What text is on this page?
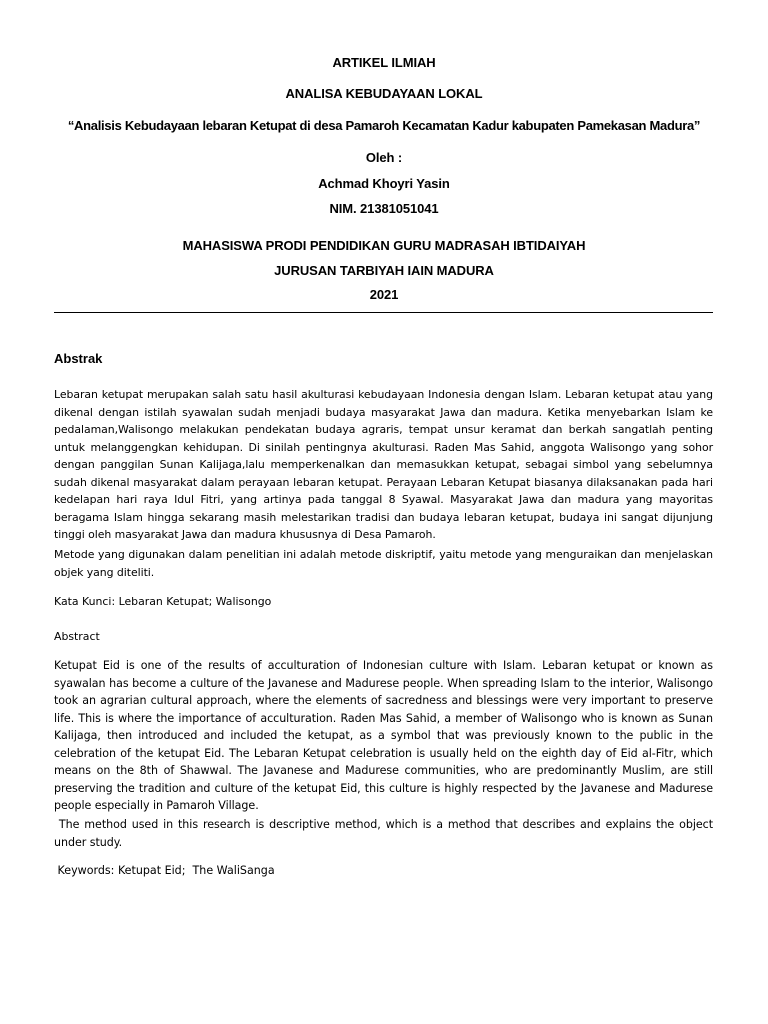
ARTIKEL ILMIAH
ANALISA KEBUDAYAAN LOKAL
“Analisis Kebudayaan lebaran Ketupat di desa Pamaroh Kecamatan Kadur kabupaten Pamekasan Madura”
Oleh :
Achmad Khoyri Yasin
NIM. 21381051041
MAHASISWA PRODI PENDIDIKAN GURU MADRASAH IBTIDAIYAH
JURUSAN TARBIYAH IAIN MADURA
2021
Abstrak

Lebaran ketupat merupakan salah satu hasil akulturasi kebudayaan Indonesia dengan Islam. Lebaran ketupat atau yang dikenal dengan istilah syawalan sudah menjadi budaya masyarakat Jawa dan madura. Ketika menyebarkan Islam ke pedalaman,Walisongo melakukan pendekatan budaya agraris, tempat unsur keramat dan berkah sangatlah penting untuk melanggengkan kehidupan. Di sinilah pentingnya akulturasi. Raden Mas Sahid, anggota Walisongo yang sohor dengan panggilan Sunan Kalijaga,lalu memperkenalkan dan memasukkan ketupat, sebagai simbol yang sebelumnya sudah dikenal masyarakat dalam perayaan lebaran ketupat. Perayaan Lebaran Ketupat biasanya dilaksanakan pada hari kedelapan hari raya Idul Fitri, yang artinya pada tanggal 8 Syawal. Masyarakat Jawa dan madura yang mayoritas beragama Islam hingga sekarang masih melestarikan tradisi dan budaya lebaran ketupat, budaya ini sangat dijunjung tinggi oleh masyarakat Jawa dan madura khususnya di Desa Pamaroh.

Metode yang digunakan dalam penelitian ini adalah metode diskriptif, yaitu metode yang menguraikan dan menjelaskan objek yang diteliti.

Kata Kunci: Lebaran Ketupat; Walisongo
Abstract

Ketupat Eid is one of the results of acculturation of Indonesian culture with Islam. Lebaran ketupat or known as syawalan has become a culture of the Javanese and Madurese people. When spreading Islam to the interior, Walisongo took an agrarian cultural approach, where the elements of sacredness and blessings were very important to preserve life. This is where the importance of acculturation. Raden Mas Sahid, a member of Walisongo who is known as Sunan Kalijaga, then introduced and included the ketupat, as a symbol that was previously known to the public in the celebration of the ketupat Eid. The Lebaran Ketupat celebration is usually held on the eighth day of Eid al-Fitr, which means on the 8th of Shawwal. The Javanese and Madurese communities, who are predominantly Muslim, are still preserving the tradition and culture of the ketupat Eid, this culture is highly respected by the Javanese and Madurese people especially in Pamaroh Village.

The method used in this research is descriptive method, which is a method that describes and explains the object under study.

Keywords: Ketupat Eid;  The WaliSanga
